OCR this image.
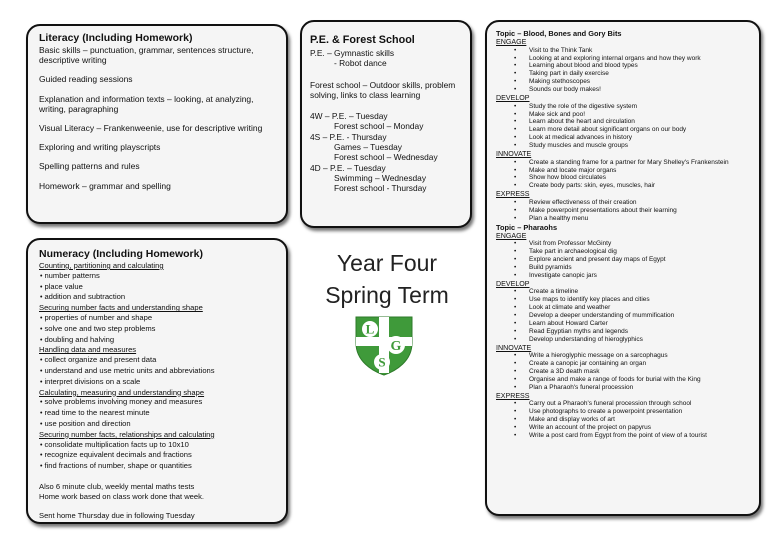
Literacy (Including Homework)

Basic skills – punctuation, grammar, sentences structure, descriptive writing

Guided reading sessions

Explanation and information texts – looking, at analyzing, writing, paragraphing

Visual Literacy – Frankenweenie, use for descriptive writing

Exploring and writing playscripts

Spelling patterns and rules

Homework – grammar and spelling

P.E. & Forest School

P.E. – Gymnastic skills

- Robot dance

Forest school – Outdoor skills, problem solving, links to class learning

4W – P.E. – Tuesday

Forest school – Monday

4S – P.E. - Thursday

Games – Tuesday

Forest school – Wednesday

4D – P.E. – Tuesday

Swimming – Wednesday

Forest school - Thursday

Numeracy (Including Homework)

Counting, partitioning and calculating

• number patterns

• place value

• addition and subtraction

Securing number facts and understanding shape

• properties of number and shape

• solve one and two step problems

• doubling and halving

Handling data and measures

• collect organize and present data

• understand and use metric units and abbreviations

• interpret divisions on a scale

Calculating, measuring and understanding shape

• solve problems involving money and measures

• read time to the nearest minute

• use position and direction

Securing number facts, relationships and calculating

• consolidate multiplication facts up to 10x10

• recognize equivalent decimals and fractions

• find fractions of number, shape or quantities

Also 6 minute club, weekly mental maths tests

Home work based on class work done that week.

Sent home Thursday due in following Tuesday

Year Four
Spring Term
L
G
S

Topic – Blood, Bones and Gory Bits

ENGAGE

• Visit to the Think Tank
• Looking at and exploring internal organs and how they work
• Learning about blood and blood types
• Taking part in daily exercise
• Making stethoscopes
• Sounds our body makes!

DEVELOP

• Study the role of the digestive system
• Make sick and poo!
• Learn about the heart and circulation
• Learn more detail about significant organs on our body
• Look at medical advances in history
• Study muscles and muscle groups

INNOVATE

• Create a standing frame for a partner for Mary Shelley's Frankenstein
• Make and locate major organs
• Show how blood circulates
• Create body parts: skin, eyes, muscles, hair

EXPRESS

• Review effectiveness of their creation
• Make powerpoint presentations about their learning
• Plan a healthy menu

Topic – Pharaohs

ENGAGE

• Visit from Professor McGinty
• Take part in archaeological dig
• Explore ancient and present day maps of Egypt
• Build pyramids
• Investigate canopic jars

DEVELOP

• Create a timeline
• Use maps to identify key places and cities
• Look at climate and weather
• Develop a deeper understanding of mummification
• Learn about Howard Carter
• Read Egyptian myths and legends
• Develop understanding of hieroglyphics

INNOVATE

• Write a hieroglyphic message on a sarcophagus
• Create a canopic jar containing an organ
• Create a 3D death mask
• Organise and make a range of foods for burial with the King
• Plan a Pharaoh's funeral procession

EXPRESS

• Carry out a Pharaoh's funeral procession through school
• Use photographs to create a powerpoint presentation
• Make and display works of art
• Write an account of the project on papyrus
• Write a post card from Egypt from the point of view of a tourist
